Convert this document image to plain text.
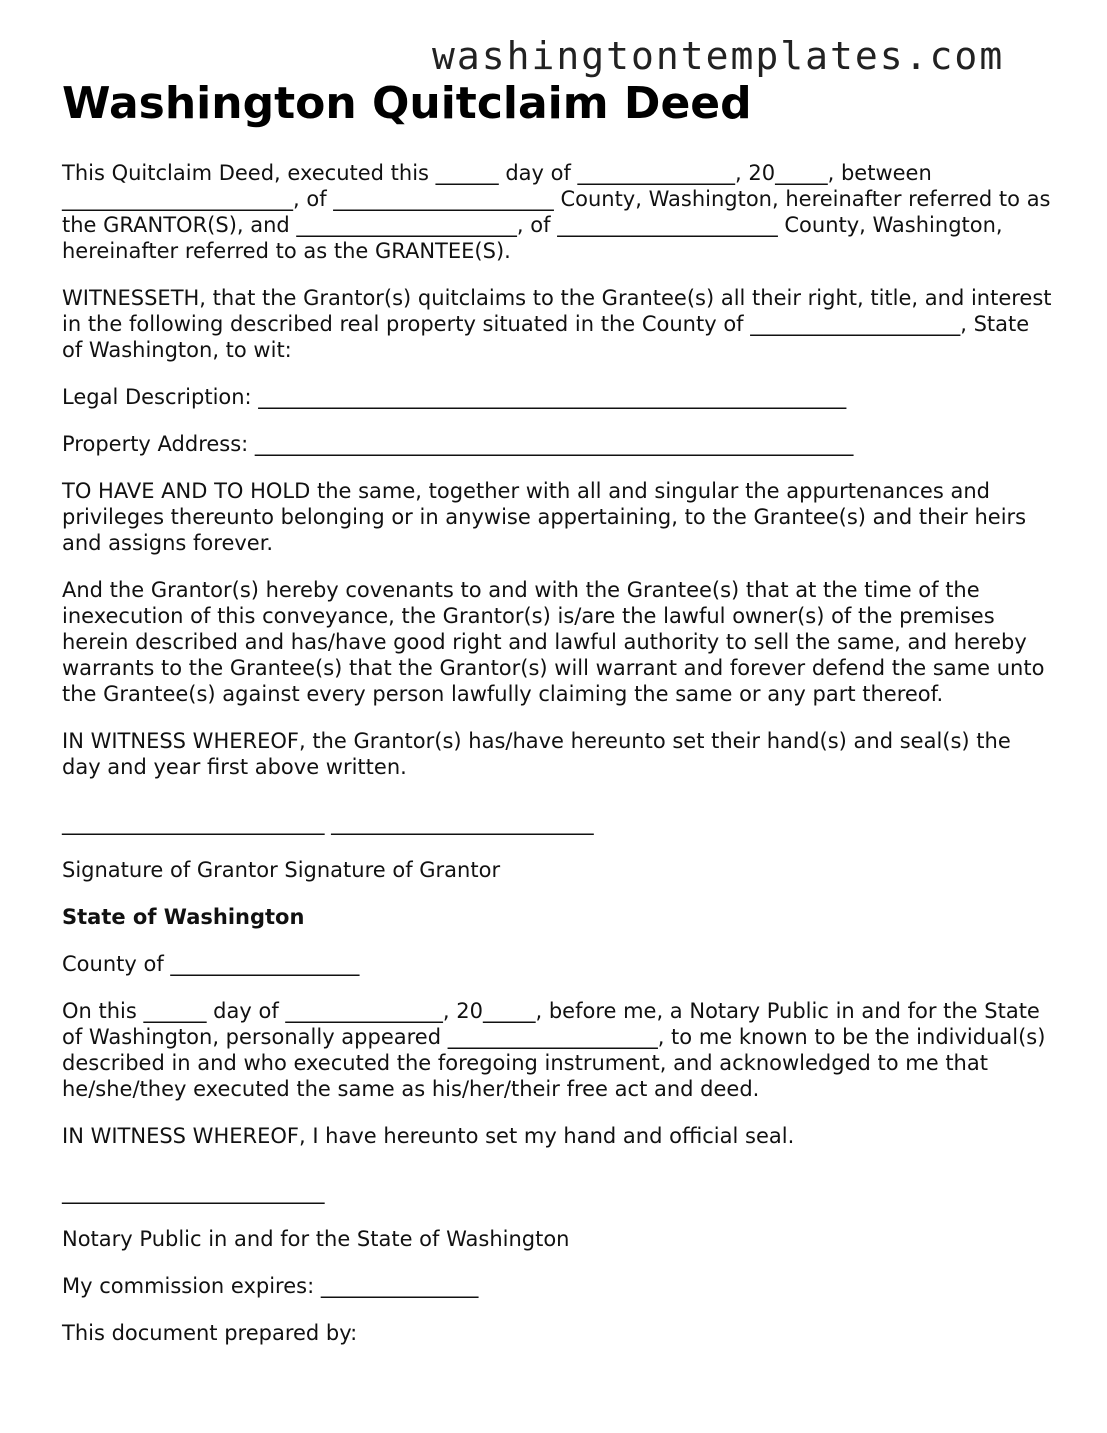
washingtontemplates.com
Washington Quitclaim Deed

This Quitclaim Deed, executed this ______ day of _______________, 20_____, between ______________________, of _____________________ County, Washington, hereinafter referred to as the GRANTOR(S), and _____________________, of _____________________ County, Washington, hereinafter referred to as the GRANTEE(S).

WITNESSETH, that the Grantor(s) quitclaims to the Grantee(s) all their right, title, and interest in the following described real property situated in the County of ____________________, State of Washington, to wit:

Legal Description: ________________________________________________________

Property Address: _________________________________________________________

TO HAVE AND TO HOLD the same, together with all and singular the appurtenances and privileges thereunto belonging or in anywise appertaining, to the Grantee(s) and their heirs and assigns forever.

And the Grantor(s) hereby covenants to and with the Grantee(s) that at the time of the inexecution of this conveyance, the Grantor(s) is/are the lawful owner(s) of the premises herein described and has/have good right and lawful authority to sell the same, and hereby warrants to the Grantee(s) that the Grantor(s) will warrant and forever defend the same unto the Grantee(s) against every person lawfully claiming the same or any part thereof.

IN WITNESS WHEREOF, the Grantor(s) has/have hereunto set their hand(s) and seal(s) the day and year first above written.

_________________________ _________________________

Signature of Grantor Signature of Grantor

State of Washington

County of __________________

On this ______ day of _______________, 20_____, before me, a Notary Public in and for the State of Washington, personally appeared ____________________, to me known to be the individual(s) described in and who executed the foregoing instrument, and acknowledged to me that he/she/they executed the same as his/her/their free act and deed.

IN WITNESS WHEREOF, I have hereunto set my hand and official seal.

_________________________

Notary Public in and for the State of Washington

My commission expires: _______________

This document prepared by:
